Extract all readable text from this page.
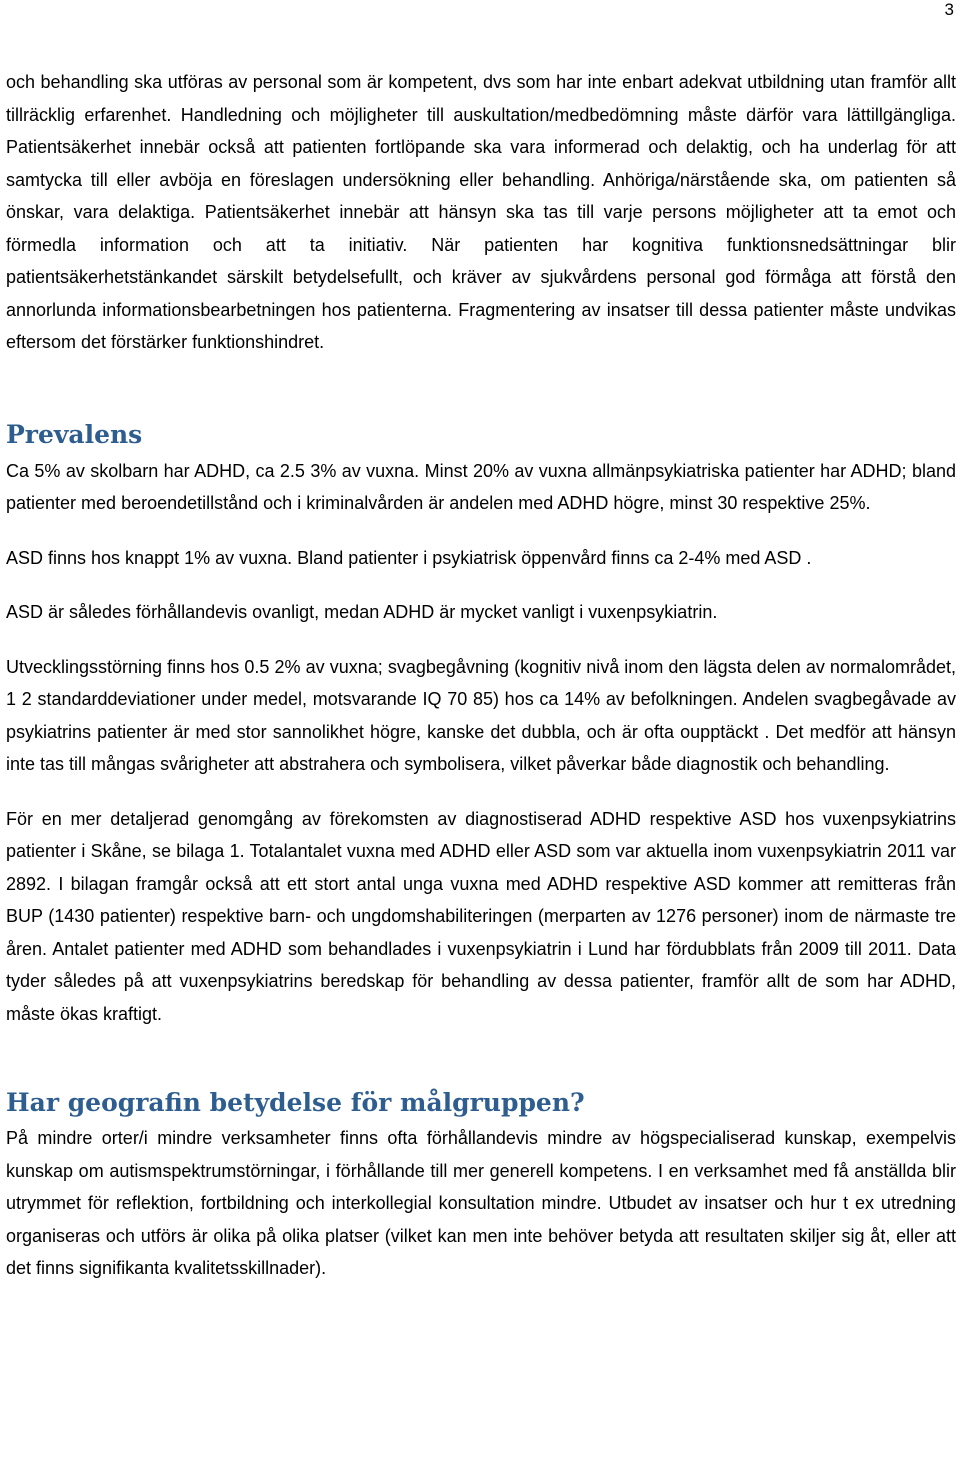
3

och behandling ska utföras av personal som är kompetent, dvs som har inte enbart adekvat utbildning utan framför allt tillräcklig erfarenhet. Handledning och möjligheter till auskultation/medbedömning måste därför vara lättillgängliga. Patientsäkerhet innebär också att patienten fortlöpande ska vara informerad och delaktig, och ha underlag för att samtycka till eller avböja en föreslagen undersökning eller behandling. Anhöriga/närstående ska, om patienten så önskar, vara delaktiga. Patientsäkerhet innebär att hänsyn ska tas till varje persons möjligheter att ta emot och förmedla information och att ta initiativ. När patienten har kognitiva funktionsnedsättningar blir patientsäkerhetstänkandet särskilt betydelsefullt, och kräver av sjukvårdens personal god förmåga att förstå den annorlunda informationsbearbetningen hos patienterna. Fragmentering av insatser till dessa patienter måste undvikas eftersom det förstärker funktionshindret.

Prevalens

Ca 5% av skolbarn har ADHD, ca 2.5 3% av vuxna. Minst 20% av vuxna allmänpsykiatriska patienter har ADHD; bland patienter med beroendetillstånd och i kriminalvården är andelen med ADHD högre, minst 30 respektive 25%.

ASD finns hos knappt 1% av vuxna. Bland patienter i psykiatrisk öppenvård finns ca 2-4% med ASD .

ASD är således förhållandevis ovanligt, medan ADHD är mycket vanligt i vuxenpsykiatrin.

Utvecklingsstörning finns hos 0.5 2% av vuxna; svagbegåvning (kognitiv nivå inom den lägsta delen av normalområdet, 1 2 standarddeviationer under medel, motsvarande IQ 70 85) hos ca 14% av befolkningen. Andelen svagbegåvade av psykiatrins patienter är med stor sannolikhet högre, kanske det dubbla, och är ofta oupptäckt . Det medför att hänsyn inte tas till mångas svårigheter att abstrahera och symbolisera, vilket påverkar både diagnostik och behandling.

För en mer detaljerad genomgång av förekomsten av diagnostiserad ADHD respektive ASD hos vuxenpsykiatrins patienter i Skåne, se bilaga 1. Totalantalet vuxna med ADHD eller ASD som var aktuella inom vuxenpsykiatrin 2011 var 2892. I bilagan framgår också att ett stort antal unga vuxna med ADHD respektive ASD kommer att remitteras från BUP (1430 patienter) respektive barn- och ungdomshabiliteringen (merparten av 1276 personer) inom de närmaste tre åren. Antalet patienter med ADHD som behandlades i vuxenpsykiatrin i Lund har fördubblats från 2009 till 2011. Data tyder således på att vuxenpsykiatrins beredskap för behandling av dessa patienter, framför allt de som har ADHD, måste ökas kraftigt.

Har geografin betydelse för målgruppen?

På mindre orter/i mindre verksamheter finns ofta förhållandevis mindre av högspecialiserad kunskap, exempelvis kunskap om autismspektrumstörningar, i förhållande till mer generell kompetens. I en verksamhet med få anställda blir utrymmet för reflektion, fortbildning och interkollegial konsultation mindre. Utbudet av insatser och hur t ex utredning organiseras och utförs är olika på olika platser (vilket kan men inte behöver betyda att resultaten skiljer sig åt, eller att det finns signifikanta kvalitetsskillnader).
